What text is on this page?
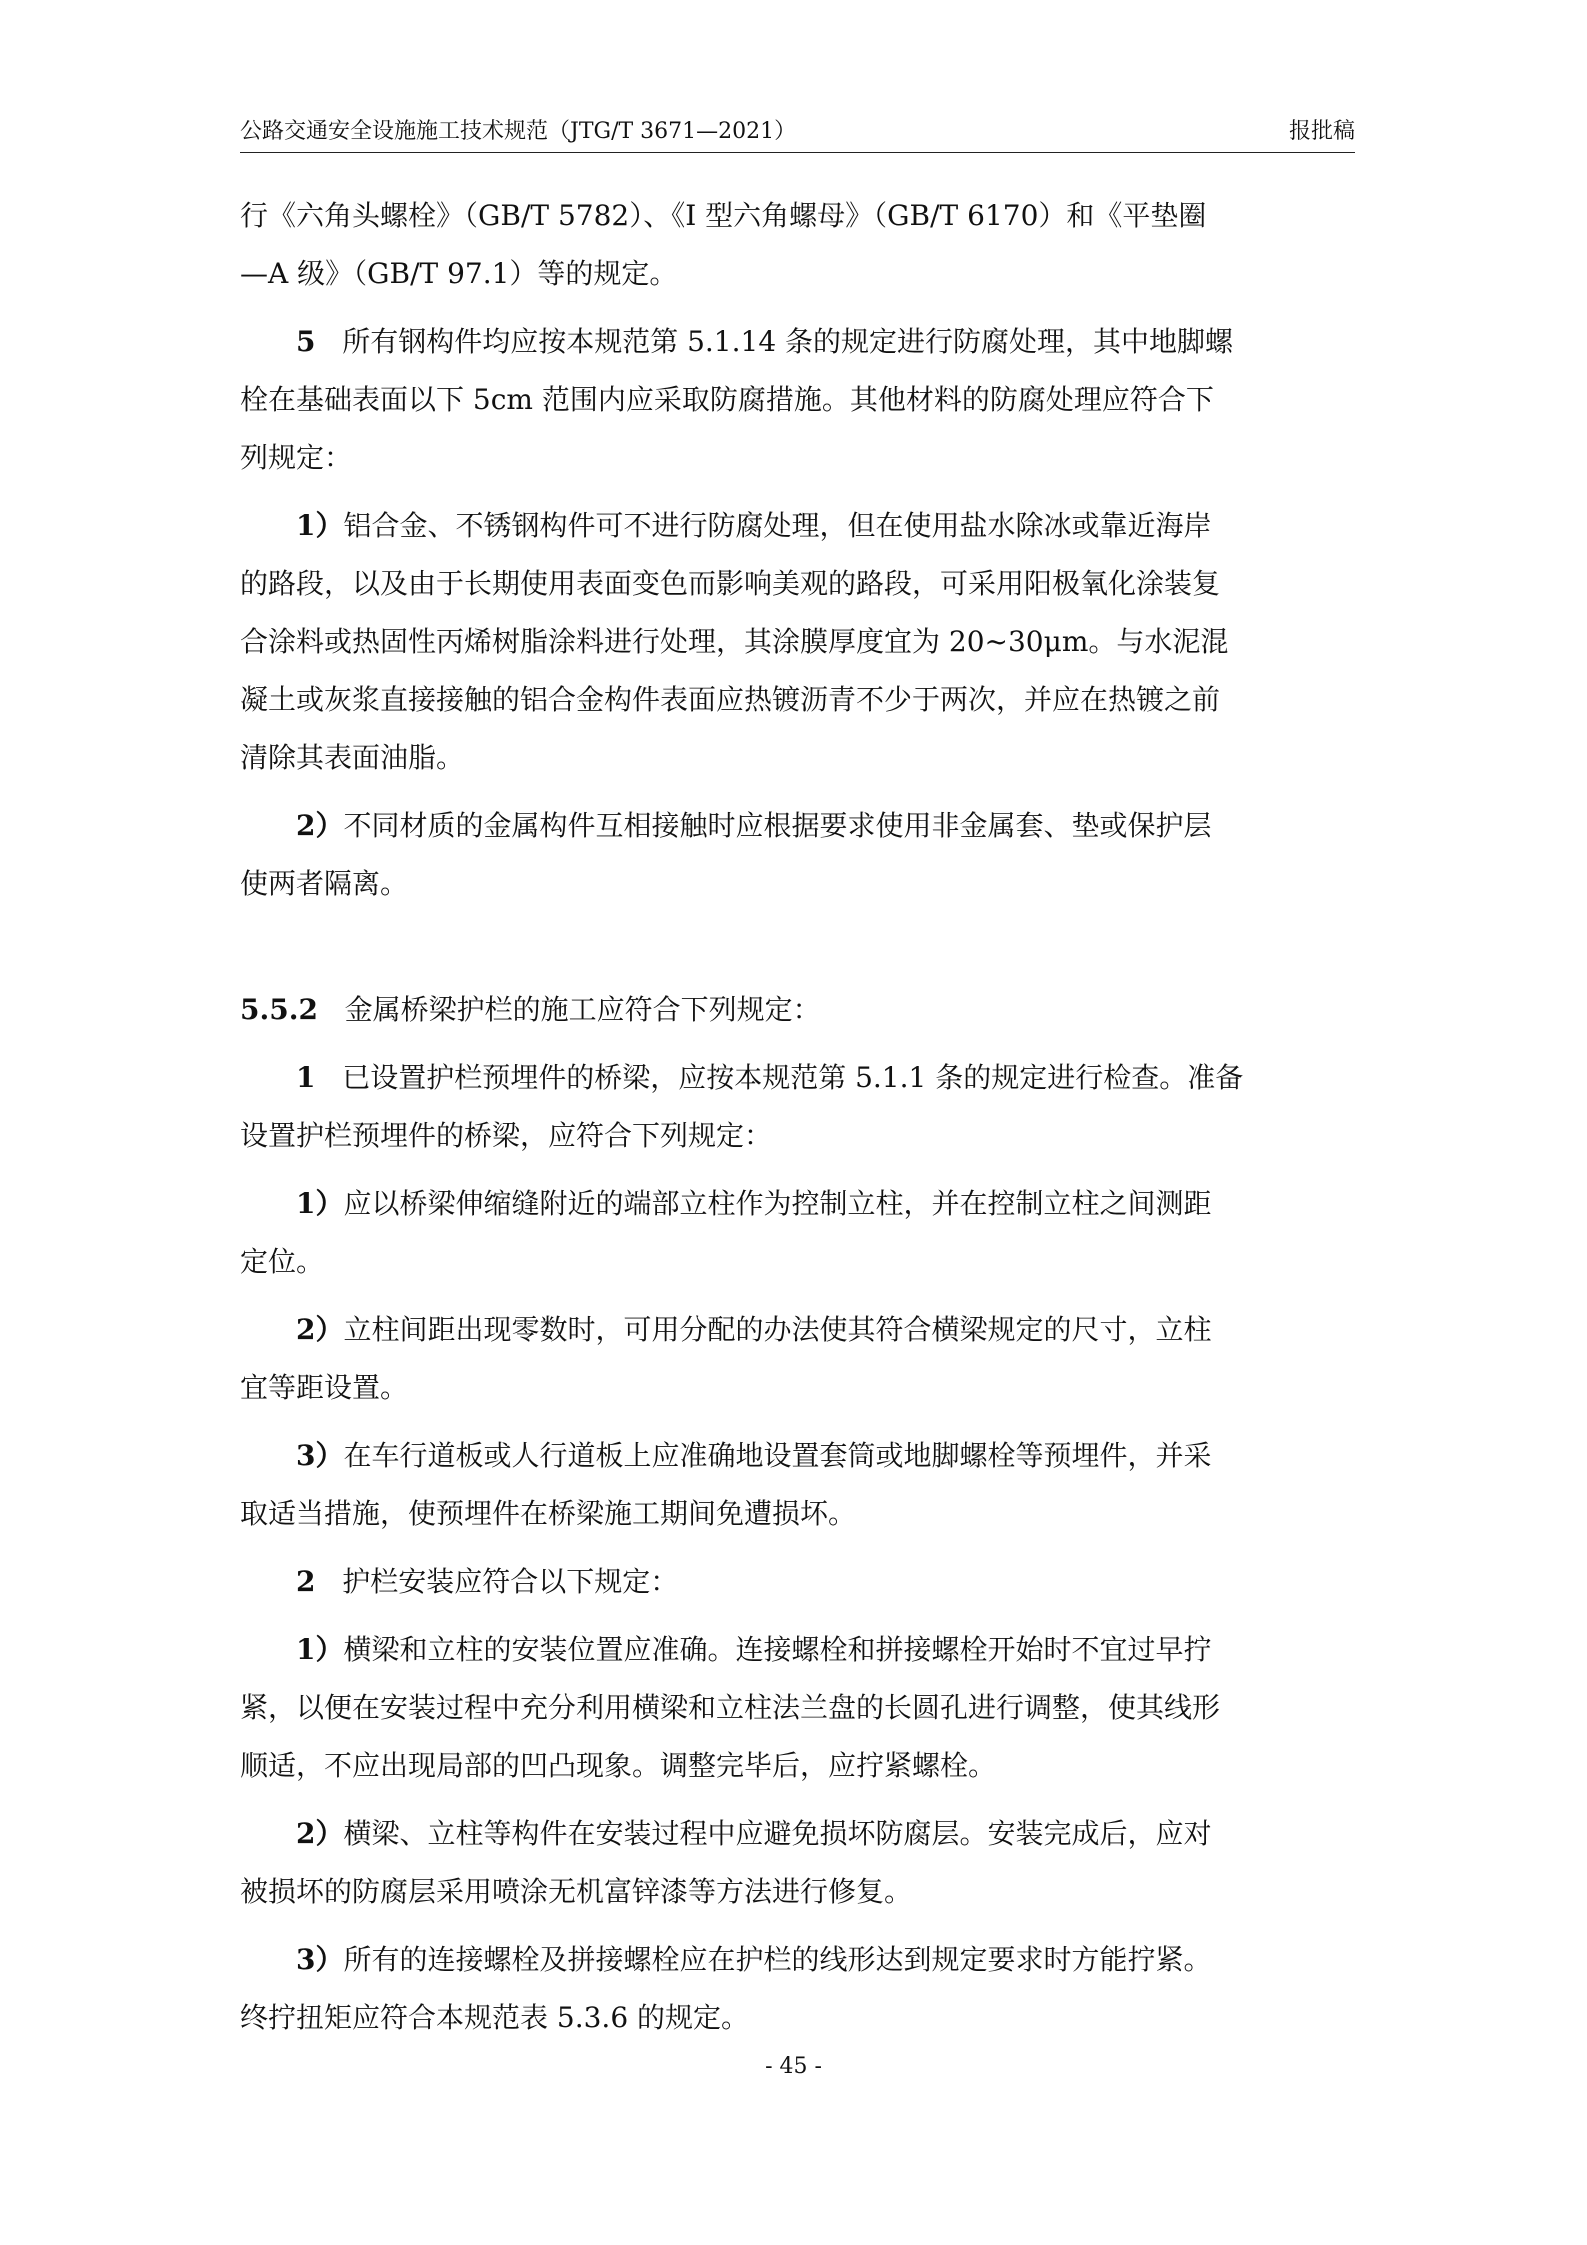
公路交通安全设施施工技术规范（JTG/T 3671—2021）	报批稿
行《六角头螺栓》（GB/T 5782）、《I 型六角螺母》（GB/T 6170）和《平垫圈
—A 级》（GB/T 97.1）等的规定。
5 所有钢构件均应按本规范第 5.1.14 条的规定进行防腐处理，其中地脚螺
栓在基础表面以下 5cm 范围内应采取防腐措施。其他材料的防腐处理应符合下
列规定：
1）铝合金、不锈钢构件可不进行防腐处理，但在使用盐水除冰或靠近海岸
的路段，以及由于长期使用表面变色而影响美观的路段，可采用阳极氧化涂装复
合涂料或热固性丙烯树脂涂料进行处理，其涂膜厚度宜为 20~30μm。与水泥混
凝土或灰浆直接接触的铝合金构件表面应热镀沥青不少于两次，并应在热镀之前
清除其表面油脂。
2）不同材质的金属构件互相接触时应根据要求使用非金属套、垫或保护层
使两者隔离。
5.5.2 金属桥梁护栏的施工应符合下列规定：
1 已设置护栏预埋件的桥梁，应按本规范第 5.1.1 条的规定进行检查。准备
设置护栏预埋件的桥梁，应符合下列规定：
1）应以桥梁伸缩缝附近的端部立柱作为控制立柱，并在控制立柱之间测距
定位。
2）立柱间距出现零数时，可用分配的办法使其符合横梁规定的尺寸，立柱
宜等距设置。
3）在车行道板或人行道板上应准确地设置套筒或地脚螺栓等预埋件，并采
取适当措施，使预埋件在桥梁施工期间免遭损坏。
2 护栏安装应符合以下规定：
1）横梁和立柱的安装位置应准确。连接螺栓和拼接螺栓开始时不宜过早拧
紧，以便在安装过程中充分利用横梁和立柱法兰盘的长圆孔进行调整，使其线形
顺适，不应出现局部的凹凸现象。调整完毕后，应拧紧螺栓。
2）横梁、立柱等构件在安装过程中应避免损坏防腐层。安装完成后，应对
被损坏的防腐层采用喷涂无机富锌漆等方法进行修复。
3）所有的连接螺栓及拼接螺栓应在护栏的线形达到规定要求时方能拧紧。
终拧扭矩应符合本规范表 5.3.6 的规定。
- 45 -
